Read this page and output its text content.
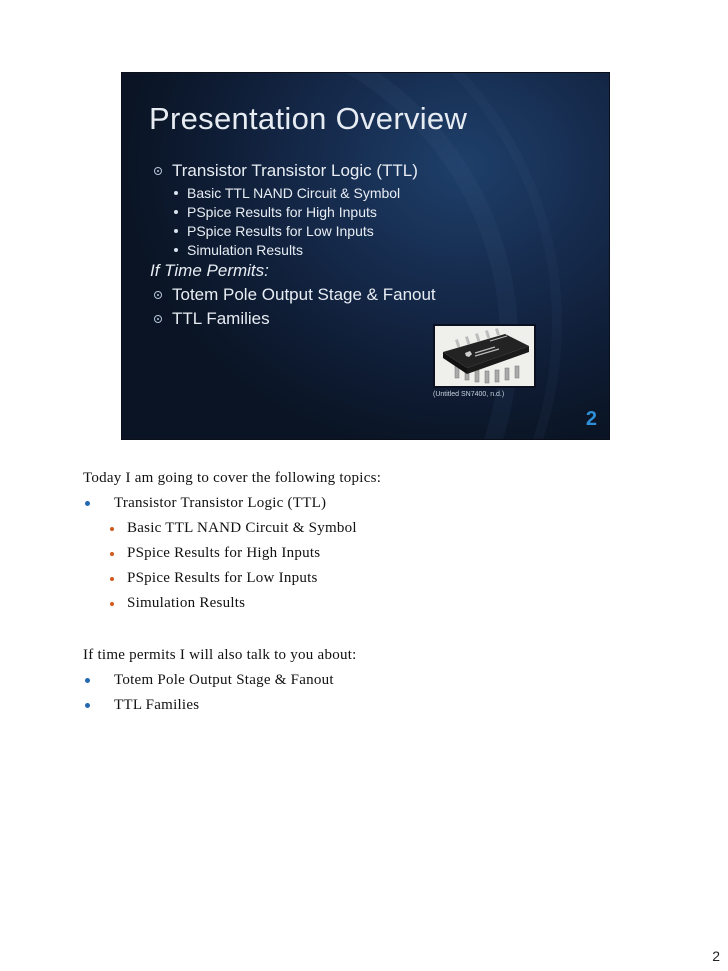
Presentation Overview
Transistor Transistor Logic (TTL)
Basic TTL NAND Circuit & Symbol
PSpice Results for High Inputs
PSpice Results for Low Inputs
Simulation Results
If Time Permits:
Totem Pole Output Stage & Fanout
TTL Families
(Untitled SN7400, n.d.)
2
Today I am going to cover the following topics:
Transistor Transistor Logic (TTL)
Basic TTL NAND Circuit & Symbol
PSpice Results for High Inputs
PSpice Results for Low Inputs
Simulation Results
If time permits I will also talk to you about:
Totem Pole Output Stage & Fanout
TTL Families
2
